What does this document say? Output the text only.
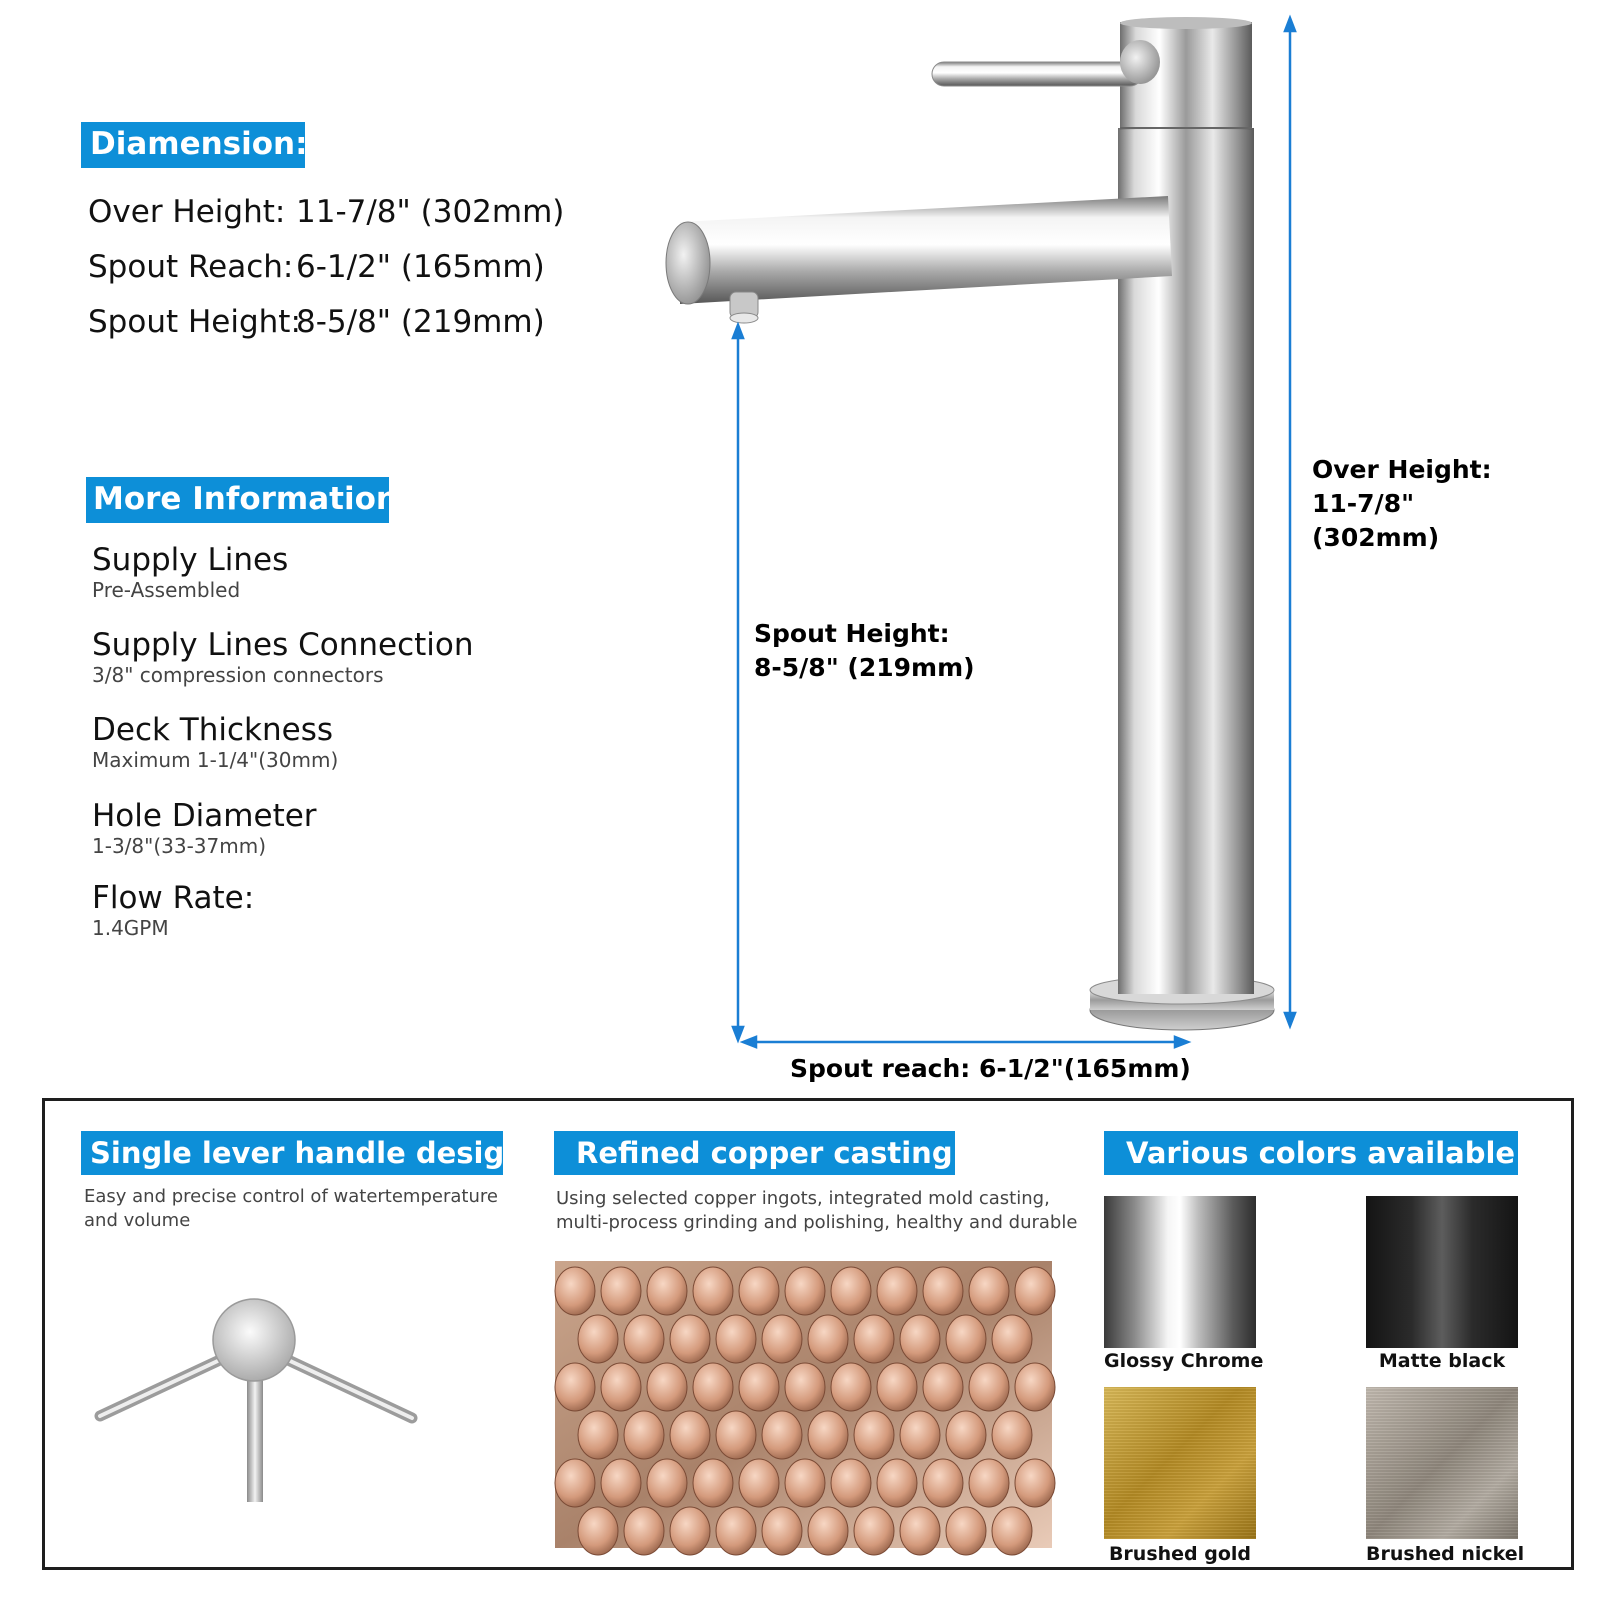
Diamension:
Over Height: 11-7/8" (302mm)
Spout Reach:6-1/2" (165mm)
Spout Height:8-5/8" (219mm)
More Information
Supply Lines
Pre-Assembled
Supply Lines Connection
3/8" compression connectors
Deck Thickness
Maximum 1-1/4"(30mm)
Hole Diameter
1-3/8"(33-37mm)
Flow Rate:
1.4GPM
Spout Height:
8-5/8" (219mm)
Over Height:
11-7/8"
(302mm)
Spout reach: 6-1/2"(165mm)
Single lever handle design
Easy and precise control of watertemperature
and volume
Refined copper casting
Using selected copper ingots, integrated mold casting,
multi-process grinding and polishing, healthy and durable
Various colors available
Glossy Chrome	Matte black
Brushed gold	Brushed nickel
